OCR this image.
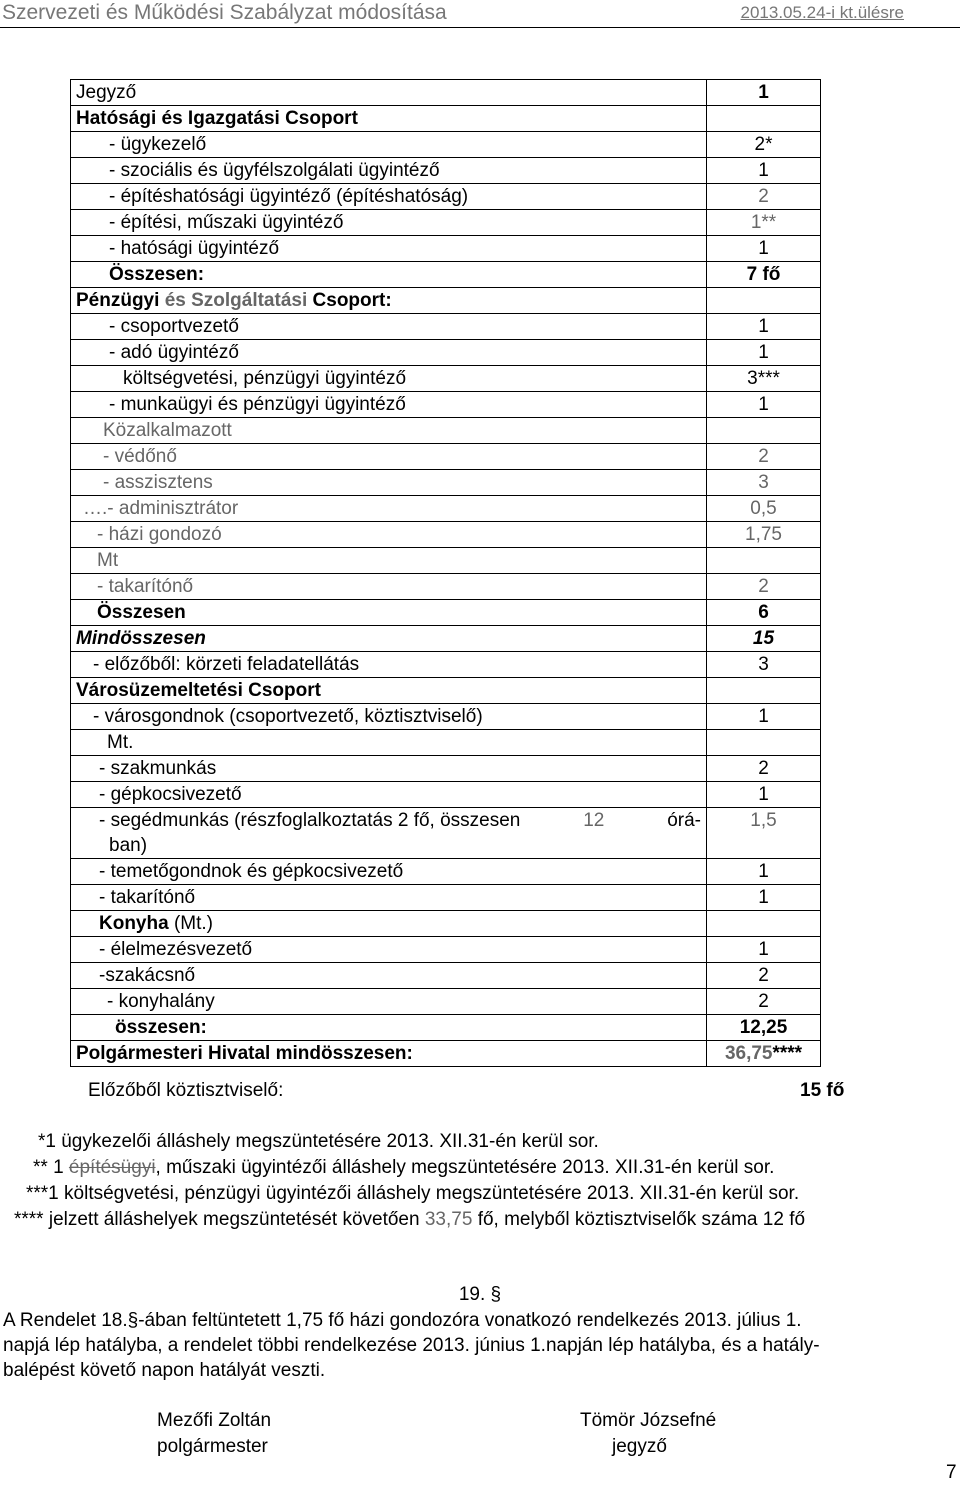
Szervezeti és Működési Szabályzat módosítása	2013.05.24-i kt.ülésre
Jegyző	1
Hatósági és Igazgatási Csoport	
- ügykezelő	2*
- szociális és ügyfélszolgálati ügyintéző	1
- építéshatósági ügyintéző (építéshatóság)	2
- építési, műszaki ügyintéző	1**
- hatósági ügyintéző	1
Összesen:	7 fő
Pénzügyi és Szolgáltatási Csoport:	
- csoportvezető	1
- adó ügyintéző	1
költségvetési, pénzügyi ügyintéző	3***
- munkaügyi és pénzügyi ügyintéző	1
Közalkalmazott	
- védőnő	2
- asszisztens	3
….- adminisztrátor	0,5
- házi gondozó	1,75
Mt	
- takarítónő	2
Összesen	6
Mindösszesen	15
- előzőből: körzeti feladatellátás	3
Városüzemeltetési Csoport	
- városgondnok (csoportvezető, köztisztviselő)	1
Mt.	
- szakmunkás	2
- gépkocsivezető	1

- segédmunkás (részfoglalkoztatás 2 fő, összesen 12 órá-
ban)	1,5
- temetőgondnok és gépkocsivezető	1
- takarítónő	1
Konyha (Mt.)	
- élelmezésvezető	1
-szakácsnő	2
- konyhalány	2
összesen:	12,25
Polgármesteri Hivatal mindösszesen:	36,75****
Előzőből köztisztviselő:	15 fő
*1 ügykezelői álláshely megszüntetésére 2013. XII.31-én kerül sor.
** 1 építésügyi, műszaki ügyintézői álláshely megszüntetésére 2013. XII.31-én kerül sor.
***1 költségvetési, pénzügyi ügyintézői álláshely megszüntetésére 2013. XII.31-én kerül sor.
**** jelzett álláshelyek megszüntetését követően 33,75 fő, melyből köztisztviselők száma 12 fő
19. §
A Rendelet 18.§-ában feltüntetett 1,75 fő házi gondozóra vonatkozó rendelkezés 2013. július 1.
napjá lép hatályba, a rendelet többi rendelkezése 2013. június 1.napján lép hatályba, és a hatály-
balépést követő napon hatályát veszti.
Mezőfi Zoltán
polgármester
Tömör Józsefné
jegyző
7
